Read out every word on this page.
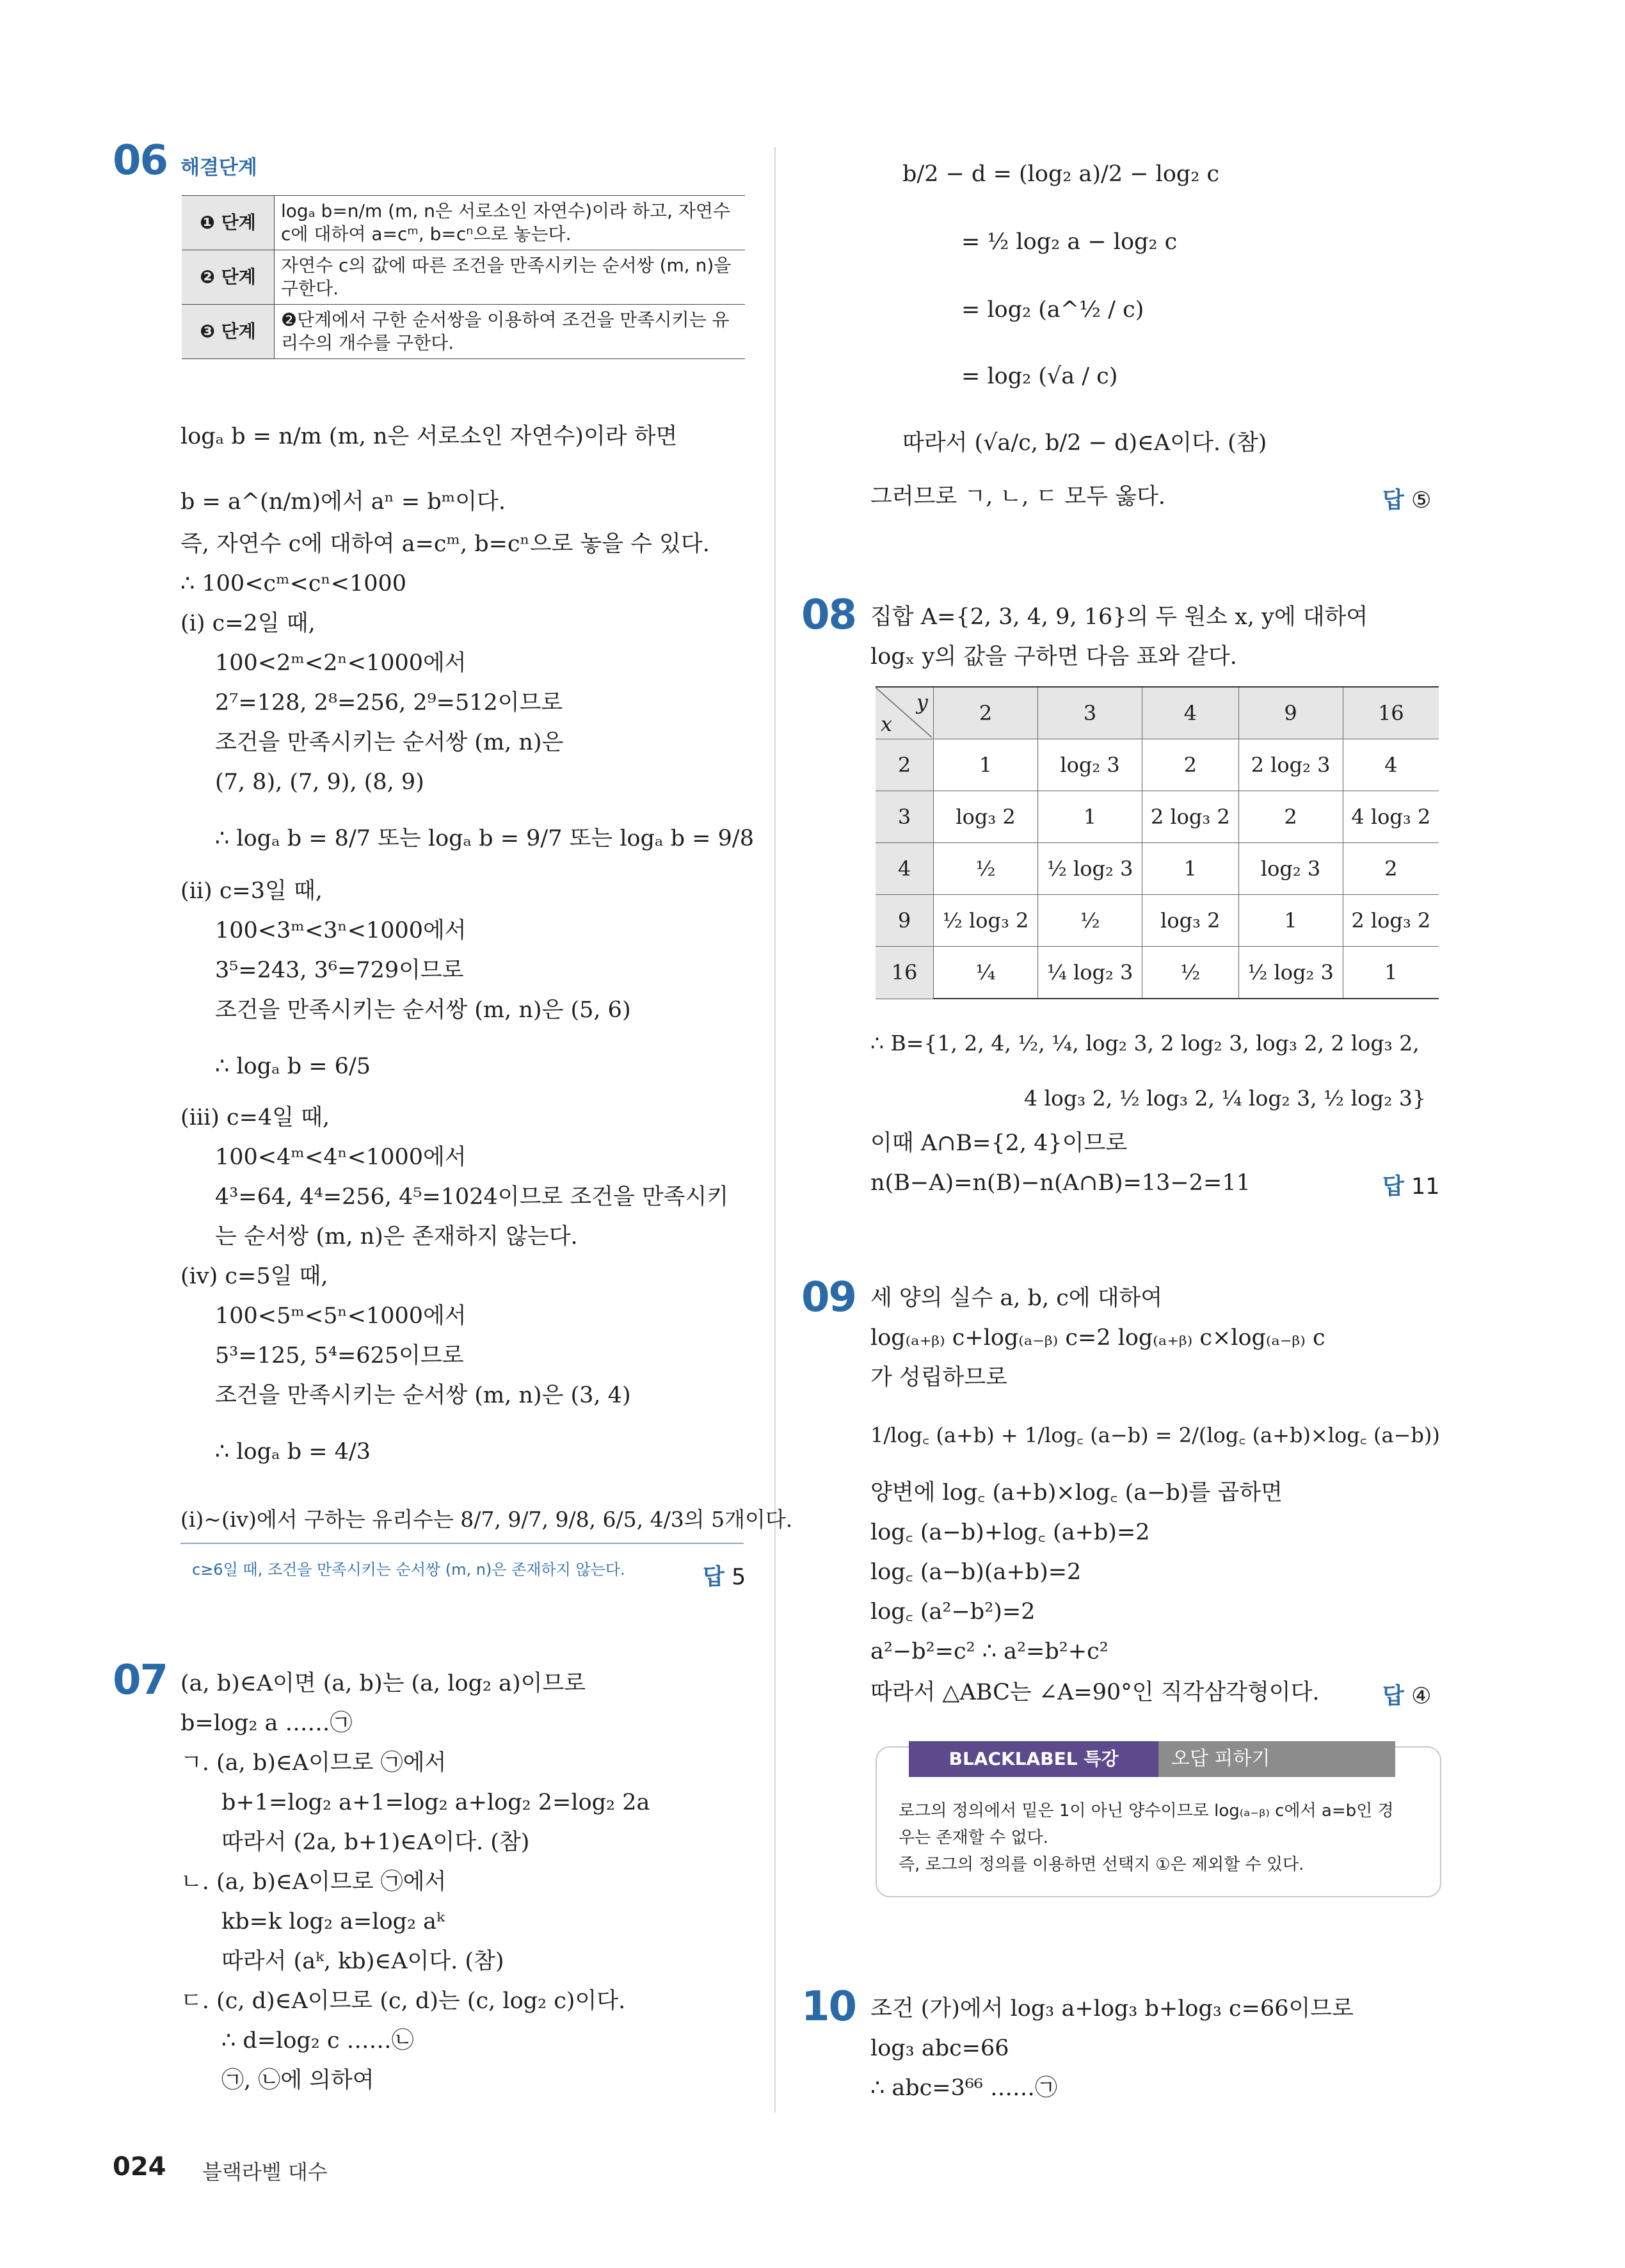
06 해결단계
❶ 단계	logₐ b=n/m (m, n은 서로소인 자연수)이라 하고, 자연수
c에 대하여 a=cᵐ, b=cⁿ으로 놓는다.
❷ 단계	자연수 c의 값에 따른 조건을 만족시키는 순서쌍 (m, n)을
구한다.
❸ 단계	❷단계에서 구한 순서쌍을 이용하여 조건을 만족시키는 유
리수의 개수를 구한다.
logₐ b = n/m (m, n은 서로소인 자연수)이라 하면
b = a^(n/m)에서 aⁿ = bᵐ이다.
즉, 자연수 c에 대하여 a=cᵐ, b=cⁿ으로 놓을 수 있다.
∴ 100<cᵐ<cⁿ<1000
(ⅰ) c=2일 때,
100<2ᵐ<2ⁿ<1000에서
2⁷=128, 2⁸=256, 2⁹=512이므로
조건을 만족시키는 순서쌍 (m, n)은
(7, 8), (7, 9), (8, 9)
∴ logₐ b = 8/7 또는 logₐ b = 9/7 또는 logₐ b = 9/8
(ⅱ) c=3일 때,
100<3ᵐ<3ⁿ<1000에서
3⁵=243, 3⁶=729이므로
조건을 만족시키는 순서쌍 (m, n)은 (5, 6)
∴ logₐ b = 6/5
(ⅲ) c=4일 때,
100<4ᵐ<4ⁿ<1000에서
4³=64, 4⁴=256, 4⁵=1024이므로 조건을 만족시키
는 순서쌍 (m, n)은 존재하지 않는다.
(ⅳ) c=5일 때,
100<5ᵐ<5ⁿ<1000에서
5³=125, 5⁴=625이므로
조건을 만족시키는 순서쌍 (m, n)은 (3, 4)
∴ logₐ b = 4/3
(ⅰ)~(ⅳ)에서 구하는 유리수는 8/7, 9/7, 9/8, 6/5, 4/3의 5개이다.
c≥6일 때, 조건을 만족시키는 순서쌍 (m, n)은 존재하지 않는다.	답 5
07 (a, b)∈A이면 (a, b)는 (a, log₂ a)이므로
b=log₂ a ……㉠
ㄱ. (a, b)∈A이므로 ㉠에서
b+1=log₂ a+1=log₂ a+log₂ 2=log₂ 2a
따라서 (2a, b+1)∈A이다. (참)
ㄴ. (a, b)∈A이므로 ㉠에서
kb=k log₂ a=log₂ aᵏ
따라서 (aᵏ, kb)∈A이다. (참)
ㄷ. (c, d)∈A이므로 (c, d)는 (c, log₂ c)이다.
∴ d=log₂ c ……㉡
㉠, ㉡에 의하여
b/2 − d = (log₂ a)/2 − log₂ c
= ½ log₂ a − log₂ c
= log₂ (a^½ / c)
= log₂ (√a / c)
따라서 (√a/c, b/2 − d)∈A이다. (참)
그러므로 ㄱ, ㄴ, ㄷ 모두 옳다.	답 ⑤
08 집합 A={2, 3, 4, 9, 16}의 두 원소 x, y에 대하여
logₓ y의 값을 구하면 다음 표와 같다.
y
x	2	3	4	9	16
2	1	log₂ 3	2	2 log₂ 3	4
3	log₃ 2	1	2 log₃ 2	2	4 log₃ 2
4	½	½ log₂ 3	1	log₂ 3	2
9	½ log₃ 2	½	log₃ 2	1	2 log₃ 2
16	¼	¼ log₂ 3	½	½ log₂ 3	1
∴ B={1, 2, 4, ½, ¼, log₂ 3, 2 log₂ 3, log₃ 2, 2 log₃ 2,
4 log₃ 2, ½ log₃ 2, ¼ log₂ 3, ½ log₂ 3}
이때 A∩B={2, 4}이므로
n(B−A)=n(B)−n(A∩B)=13−2=11	답 11
09 세 양의 실수 a, b, c에 대하여
log₍ₐ₊ᵦ₎ c+log₍ₐ₋ᵦ₎ c=2 log₍ₐ₊ᵦ₎ c×log₍ₐ₋ᵦ₎ c
가 성립하므로
1/log꜀ (a+b) + 1/log꜀ (a−b) = 2/(log꜀ (a+b)×log꜀ (a−b))
양변에 log꜀ (a+b)×log꜀ (a−b)를 곱하면
log꜀ (a−b)+log꜀ (a+b)=2
log꜀ (a−b)(a+b)=2
log꜀ (a²−b²)=2
a²−b²=c² ∴ a²=b²+c²
따라서 △ABC는 ∠A=90°인 직각삼각형이다.	답 ④
BLACKLABEL 특강	오답 피하기
로그의 정의에서 밑은 1이 아닌 양수이므로 log₍ₐ₋ᵦ₎ c에서 a=b인 경
우는 존재할 수 없다.
즉, 로그의 정의를 이용하면 선택지 ①은 제외할 수 있다.
10 조건 (가)에서 log₃ a+log₃ b+log₃ c=66이므로
log₃ abc=66
∴ abc=3⁶⁶ ……㉠
024 블랙라벨 대수
